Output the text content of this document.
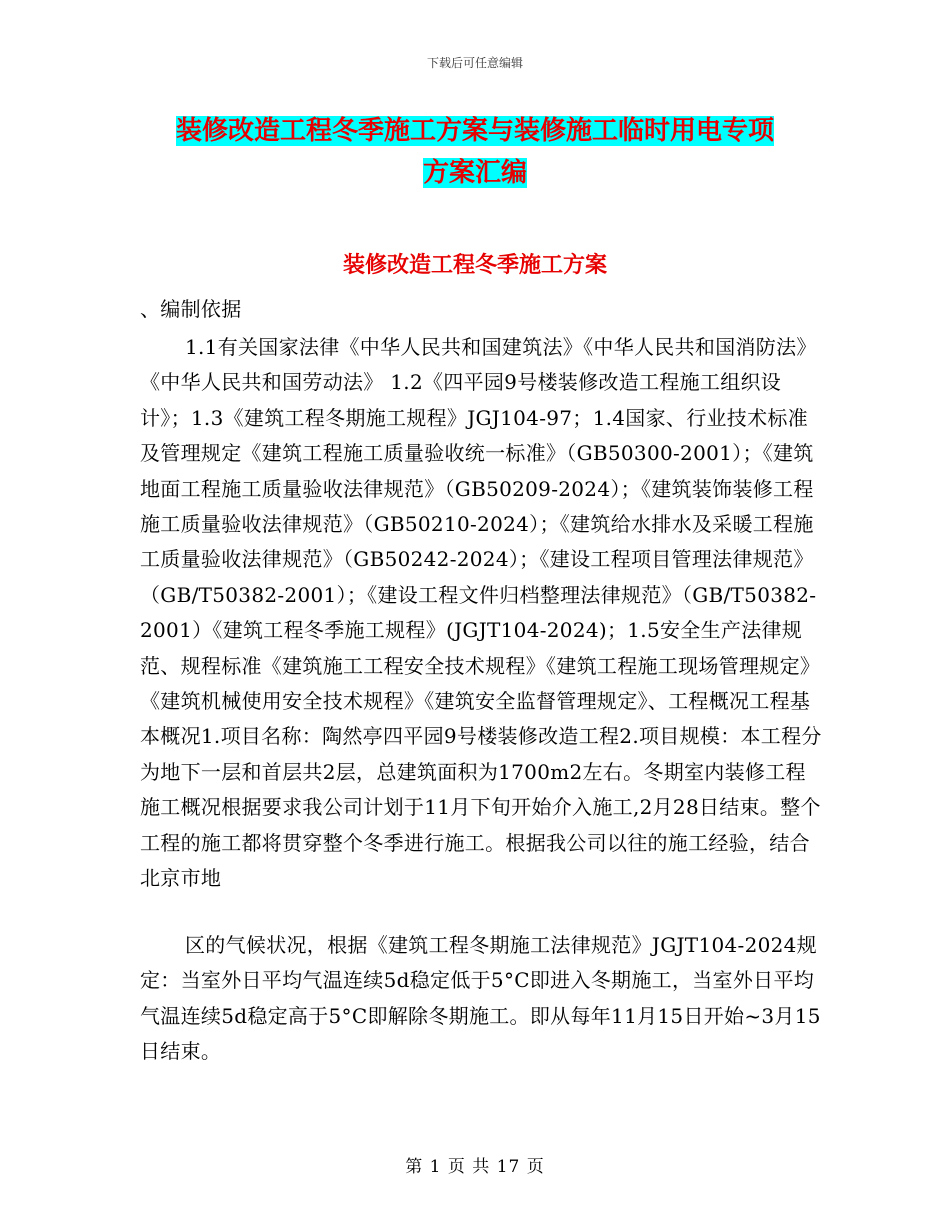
下载后可任意编辑
装修改造工程冬季施工方案与装修施工临时用电专项
方案汇编
装修改造工程冬季施工方案
、编制依据
1.1有关国家法律《中华人民共和国建筑法》《中华人民共和国消防法》《中华人民共和国劳动法》 1.2《四平园9号楼装修改造工程施工组织设计》；1.3《建筑工程冬期施工规程》JGJ104-97；1.4国家、行业技术标准及管理规定《建筑工程施工质量验收统一标准》（GB50300-2001）；《建筑地面工程施工质量验收法律规范》（GB50209-2024）；《建筑装饰装修工程施工质量验收法律规范》（GB50210-2024）；《建筑给水排水及采暖工程施工质量验收法律规范》（GB50242-2024）；《建设工程项目管理法律规范》（GB/T50382-2001）；《建设工程文件归档整理法律规范》（GB/T50382-2001）《建筑工程冬季施工规程》(JGJT104-2024)；1.5安全生产法律规范、规程标准《建筑施工工程安全技术规程》《建筑工程施工现场管理规定》《建筑机械使用安全技术规程》《建筑安全监督管理规定》、工程概况工程基本概况1.项目名称：陶然亭四平园9号楼装修改造工程2.项目规模：本工程分为地下一层和首层共2层，总建筑面积为1700m2左右。冬期室内装修工程施工概况根据要求我公司计划于11月下旬开始介入施工,2月28日结束。整个工程的施工都将贯穿整个冬季进行施工。根据我公司以往的施工经验，结合北京市地
区的气候状况，根据《建筑工程冬期施工法律规范》JGJT104-2024规定：当室外日平均气温连续5d稳定低于5°C即进入冬期施工，当室外日平均气温连续5d稳定高于5°C即解除冬期施工。即从每年11月15日开始~3月15日结束。
第 1 页 共 17 页
